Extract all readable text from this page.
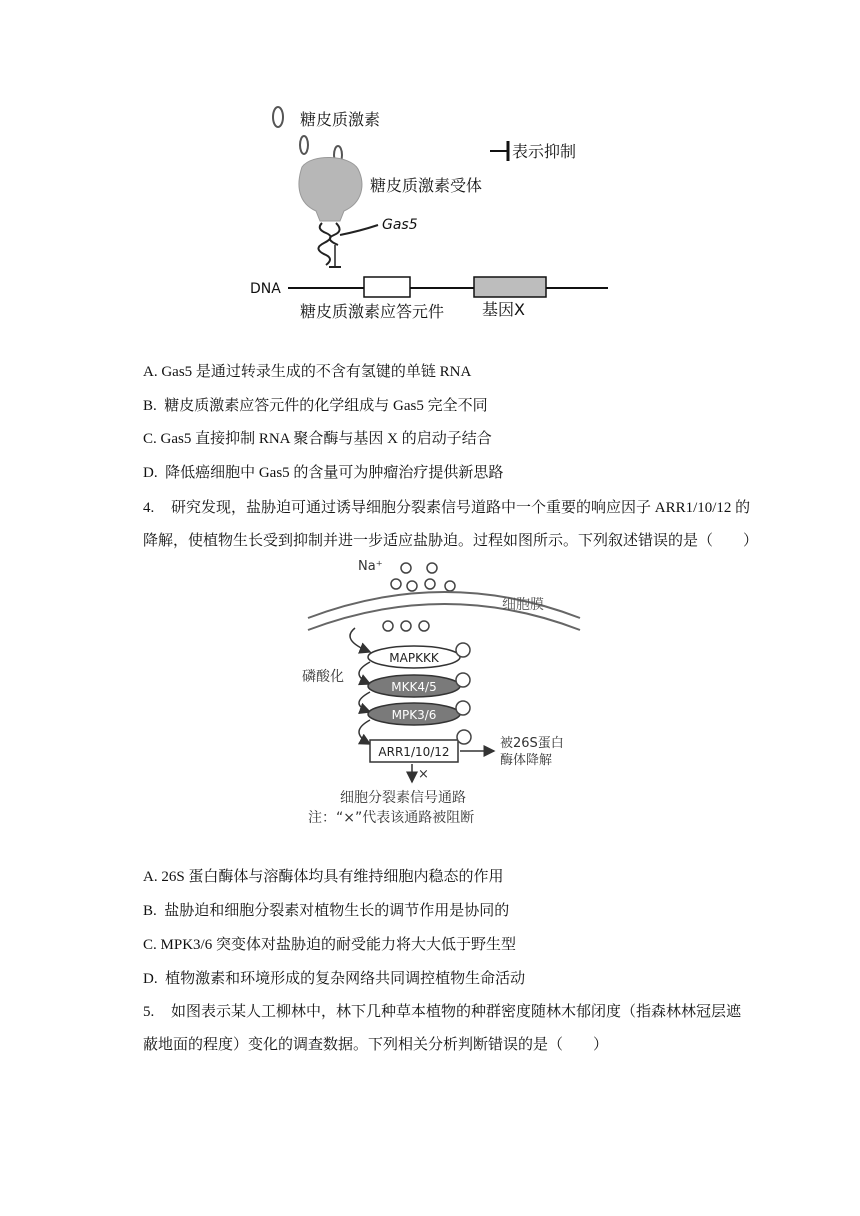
糖皮质激素
表示抑制
糖皮质激素受体
Gas5
DNA
糖皮质激素应答元件 基因X
A. Gas5 是通过转录生成的不含有氢键的单链 RNA
B. 糖皮质激素应答元件的化学组成与 Gas5 完全不同
C. Gas5 直接抑制 RNA 聚合酶与基因 X 的启动子结合
D. 降低癌细胞中 Gas5 的含量可为肿瘤治疗提供新思路
4. 研究发现，盐胁迫可通过诱导细胞分裂素信号道路中一个重要的响应因子 ARR1/10/12 的降解，使植物生长受到抑制并进一步适应盐胁迫。过程如图所示。下列叙述错误的是（　　）
Na⁺
细胞膜
磷酸化
MAPKKK
MKK4/5
MPK3/6
ARR1/10/12
被26S蛋白
酶体降解
×
细胞分裂素信号通路
注：“×”代表该通路被阻断
A. 26S 蛋白酶体与溶酶体均具有维持细胞内稳态的作用
B. 盐胁迫和细胞分裂素对植物生长的调节作用是协同的
C. MPK3/6 突变体对盐胁迫的耐受能力将大大低于野生型
D. 植物激素和环境形成的复杂网络共同调控植物生命活动
5. 如图表示某人工柳林中，林下几种草本植物的种群密度随林木郁闭度（指森林林冠层遮蔽地面的程度）变化的调查数据。下列相关分析判断错误的是（　　）
